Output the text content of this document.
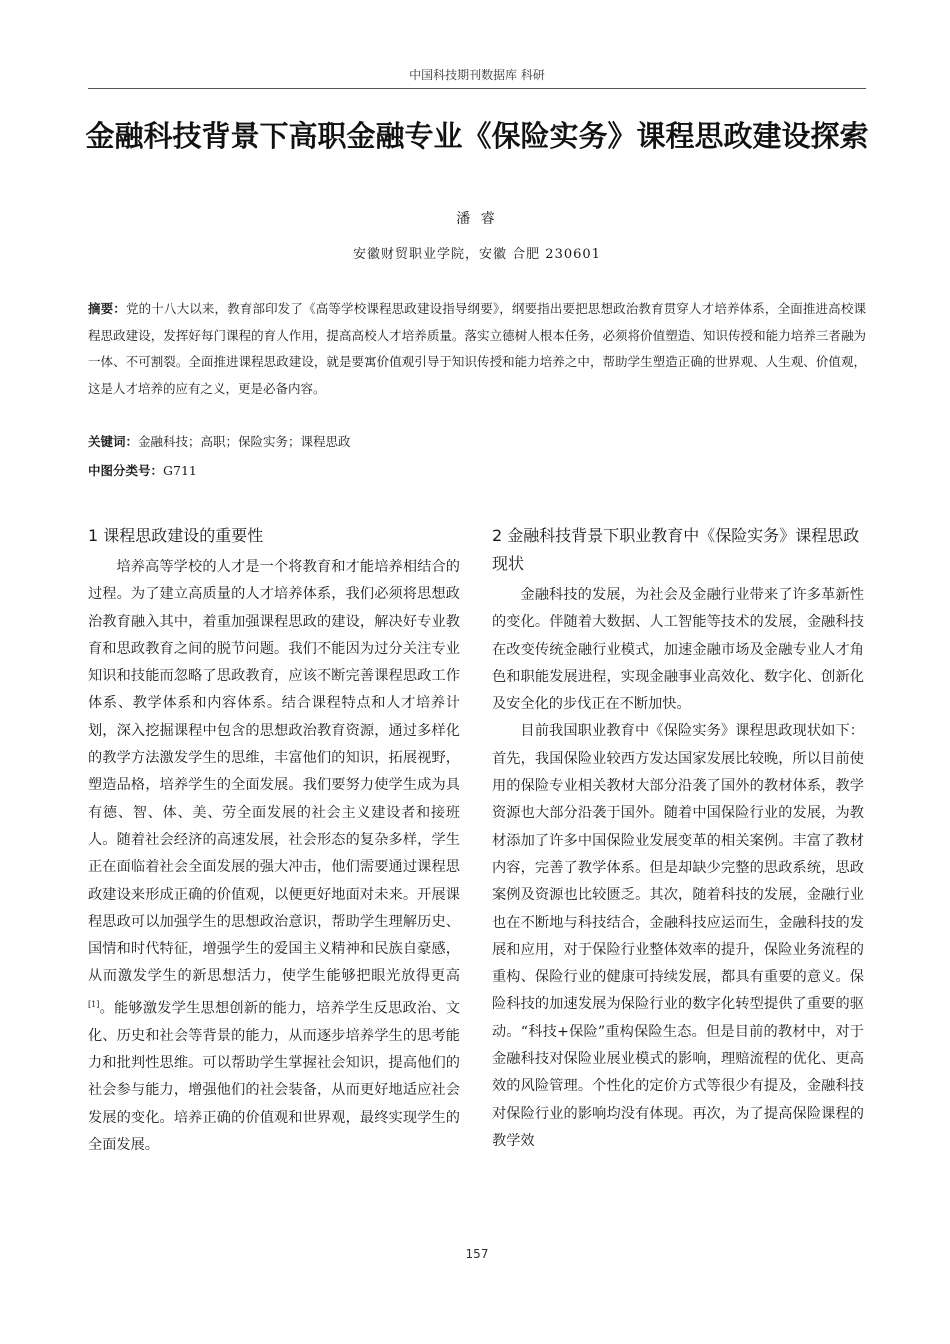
中国科技期刊数据库 科研
金融科技背景下高职金融专业《保险实务》课程思政建设探索
潘 睿
安徽财贸职业学院，安徽 合肥 230601
摘要：党的十八大以来，教育部印发了《高等学校课程思政建设指导纲要》，纲要指出要把思想政治教育贯穿人才培养体系，全面推进高校课程思政建设，发挥好每门课程的育人作用，提高高校人才培养质量。落实立德树人根本任务，必须将价值塑造、知识传授和能力培养三者融为一体、不可割裂。全面推进课程思政建设，就是要寓价值观引导于知识传授和能力培养之中，帮助学生塑造正确的世界观、人生观、价值观，这是人才培养的应有之义，更是必备内容。
关键词：金融科技；高职；保险实务；课程思政
中图分类号：G711
1 课程思政建设的重要性

培养高等学校的人才是一个将教育和才能培养相结合的过程。为了建立高质量的人才培养体系，我们必须将思想政治教育融入其中，着重加强课程思政的建设，解决好专业教育和思政教育之间的脱节问题。我们不能因为过分关注专业知识和技能而忽略了思政教育，应该不断完善课程思政工作体系、教学体系和内容体系。结合课程特点和人才培养计划，深入挖掘课程中包含的思想政治教育资源，通过多样化的教学方法激发学生的思维，丰富他们的知识，拓展视野，塑造品格，培养学生的全面发展。我们要努力使学生成为具有德、智、体、美、劳全面发展的社会主义建设者和接班人。随着社会经济的高速发展，社会形态的复杂多样，学生正在面临着社会全面发展的强大冲击，他们需要通过课程思政建设来形成正确的价值观，以便更好地面对未来。开展课程思政可以加强学生的思想政治意识，帮助学生理解历史、国情和时代特征，增强学生的爱国主义精神和民族自豪感，从而激发学生的新思想活力，使学生能够把眼光放得更高[1]。能够激发学生思想创新的能力，培养学生反思政治、文化、历史和社会等背景的能力，从而逐步培养学生的思考能力和批判性思维。可以帮助学生掌握社会知识，提高他们的社会参与能力，增强他们的社会装备，从而更好地适应社会发展的变化。培养正确的价值观和世界观，最终实现学生的全面发展。

2 金融科技背景下职业教育中《保险实务》课程思政现状

金融科技的发展，为社会及金融行业带来了许多革新性的变化。伴随着大数据、人工智能等技术的发展，金融科技在改变传统金融行业模式，加速金融市场及金融专业人才角色和职能发展进程，实现金融事业高效化、数字化、创新化及安全化的步伐正在不断加快。

目前我国职业教育中《保险实务》课程思政现状如下：首先，我国保险业较西方发达国家发展比较晚，所以目前使用的保险专业相关教材大部分沿袭了国外的教材体系，教学资源也大部分沿袭于国外。随着中国保险行业的发展，为教材添加了许多中国保险业发展变革的相关案例。丰富了教材内容，完善了教学体系。但是却缺少完整的思政系统，思政案例及资源也比较匮乏。其次，随着科技的发展，金融行业也在不断地与科技结合，金融科技应运而生，金融科技的发展和应用，对于保险行业整体效率的提升，保险业务流程的重构、保险行业的健康可持续发展，都具有重要的意义。保险科技的加速发展为保险行业的数字化转型提供了重要的驱动。“科技+保险”重构保险生态。但是目前的教材中，对于金融科技对保险业展业模式的影响，理赔流程的优化、更高效的风险管理。个性化的定价方式等很少有提及，金融科技对保险行业的影响均没有体现。再次，为了提高保险课程的教学效

157
